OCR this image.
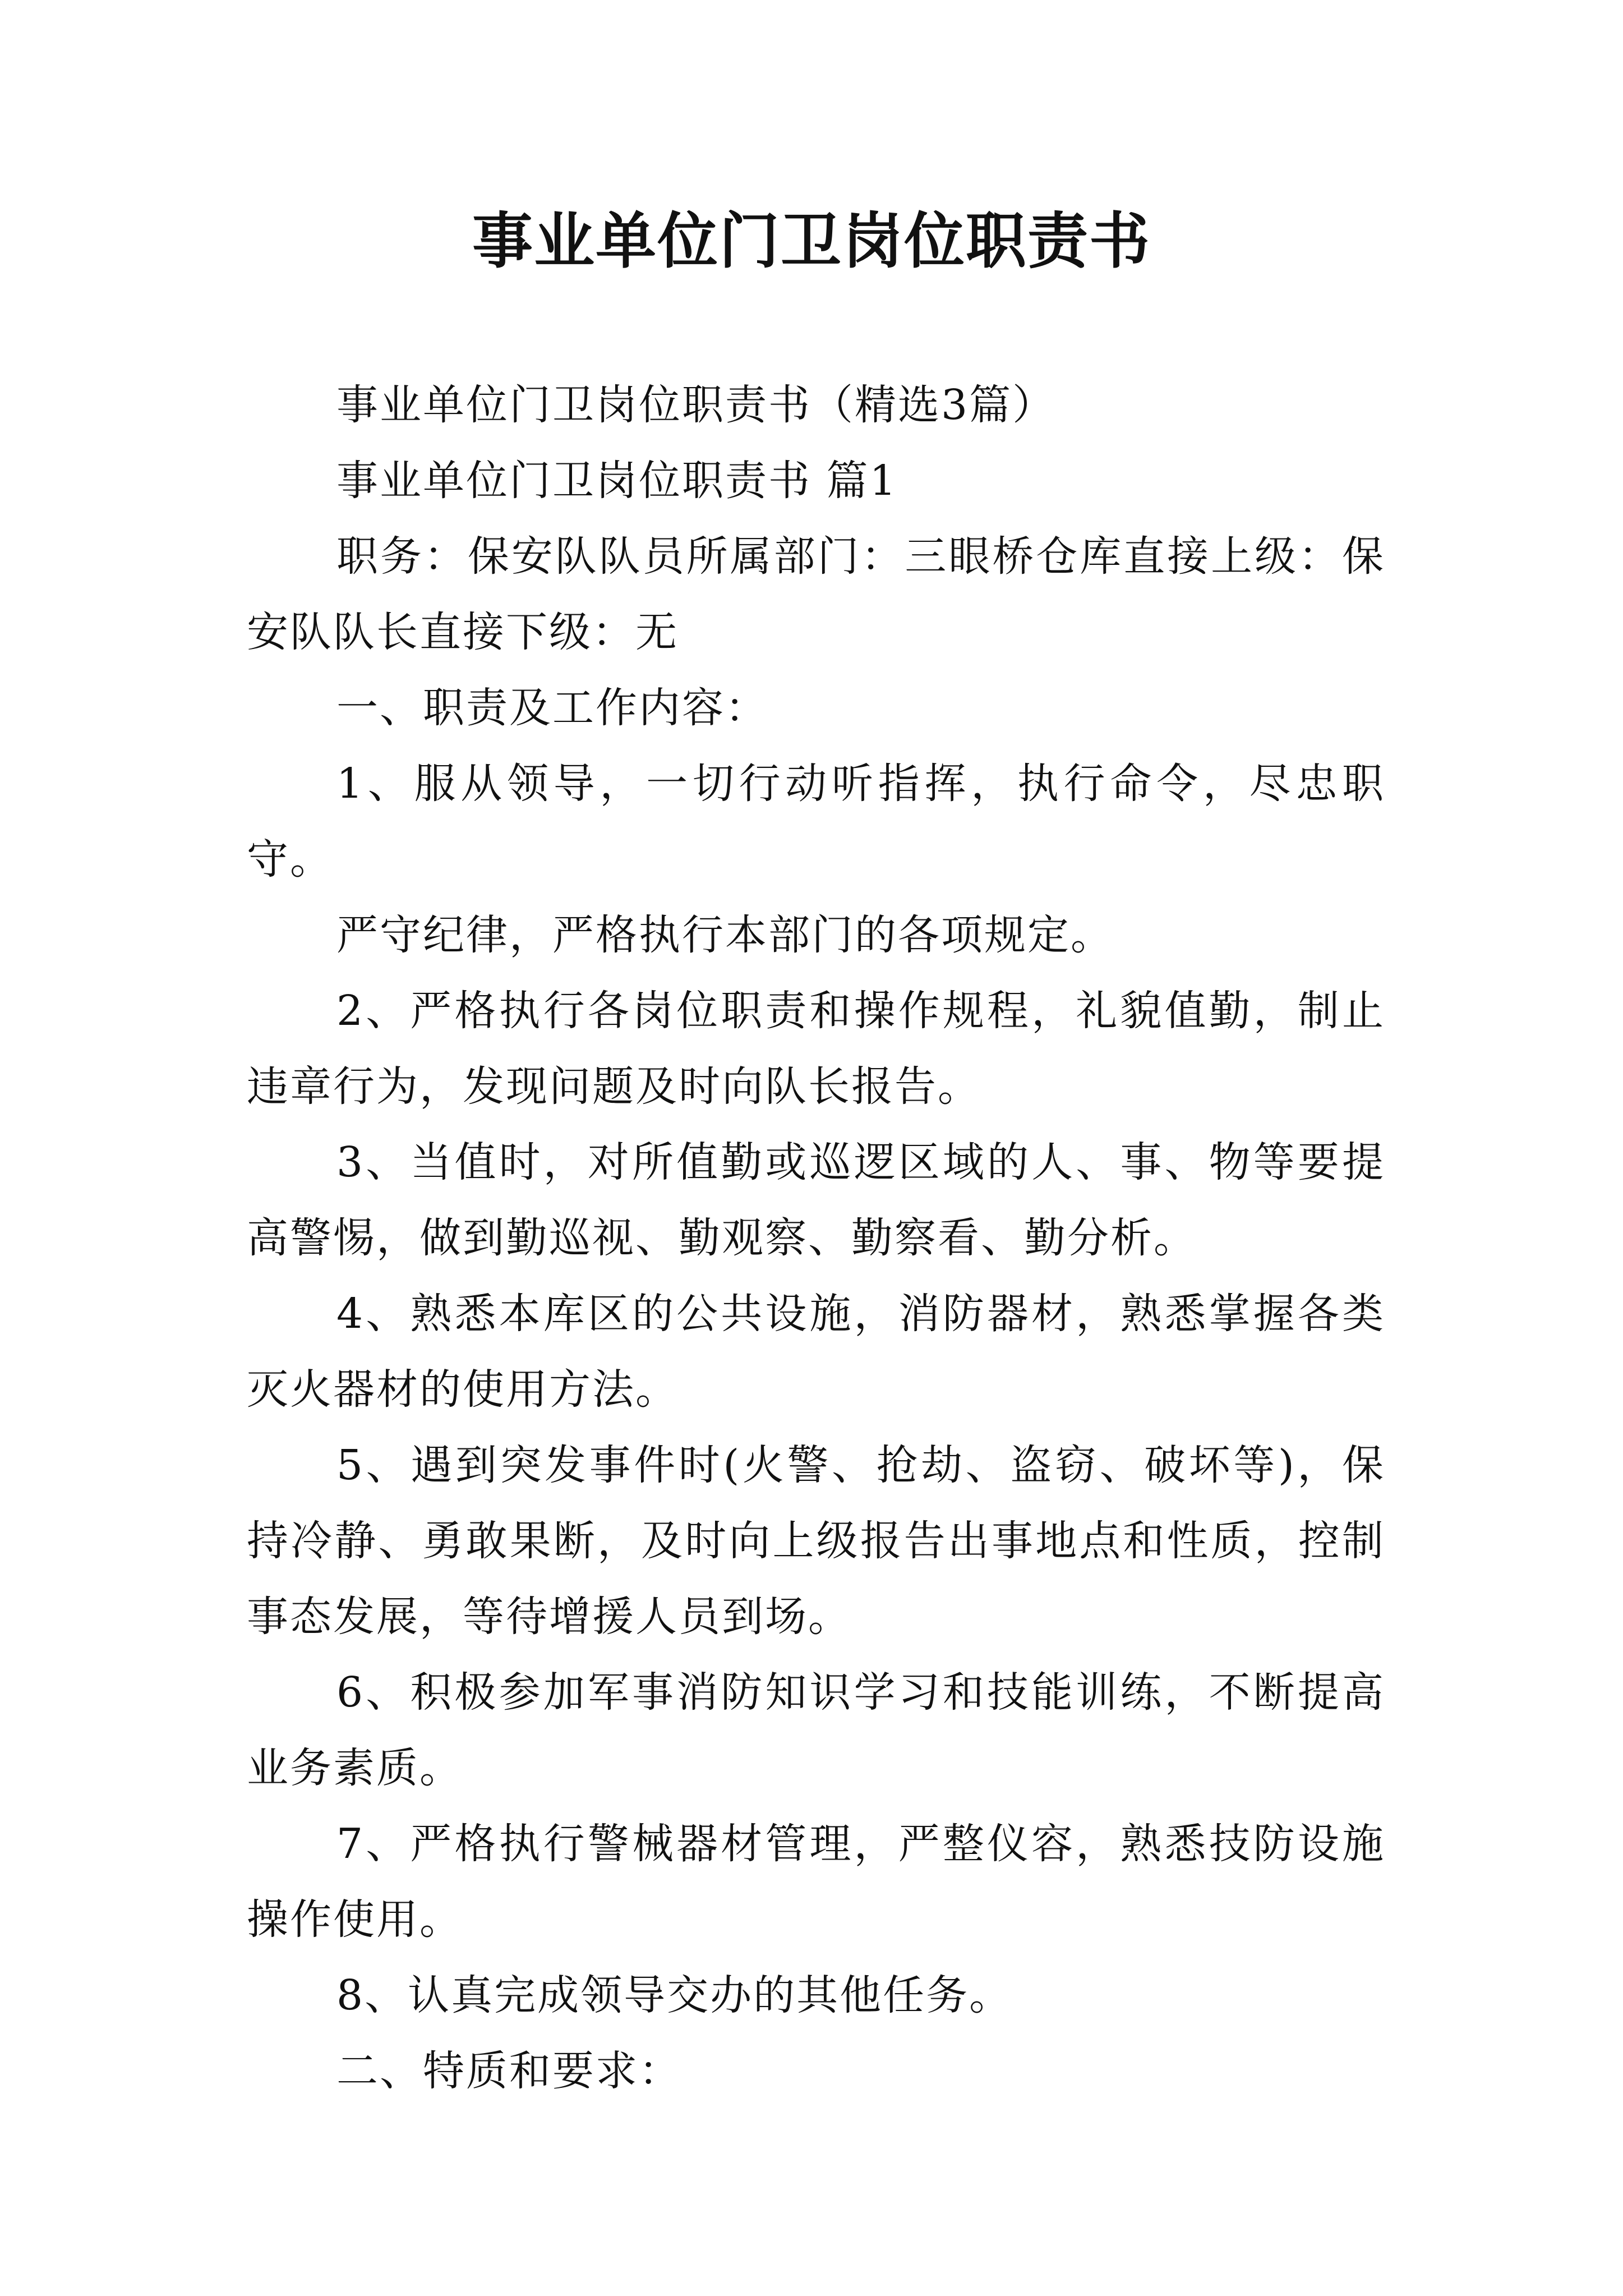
事业单位门卫岗位职责书

事业单位门卫岗位职责书（精选3篇）

事业单位门卫岗位职责书 篇1

职务：保安队队员所属部门：三眼桥仓库直接上级：保安队队长直接下级：无

一、职责及工作内容：

1、服从领导，一切行动听指挥，执行命令，尽忠职守。

严守纪律，严格执行本部门的各项规定。

2、严格执行各岗位职责和操作规程，礼貌值勤，制止违章行为，发现问题及时向队长报告。

3、当值时，对所值勤或巡逻区域的人、事、物等要提高警惕，做到勤巡视、勤观察、勤察看、勤分析。

4、熟悉本库区的公共设施，消防器材，熟悉掌握各类灭火器材的使用方法。

5、遇到突发事件时(火警、抢劫、盗窃、破坏等)，保持冷静、勇敢果断，及时向上级报告出事地点和性质，控制事态发展，等待增援人员到场。

6、积极参加军事消防知识学习和技能训练，不断提高业务素质。

7、严格执行警械器材管理，严整仪容，熟悉技防设施操作使用。

8、认真完成领导交办的其他任务。

二、特质和要求：
